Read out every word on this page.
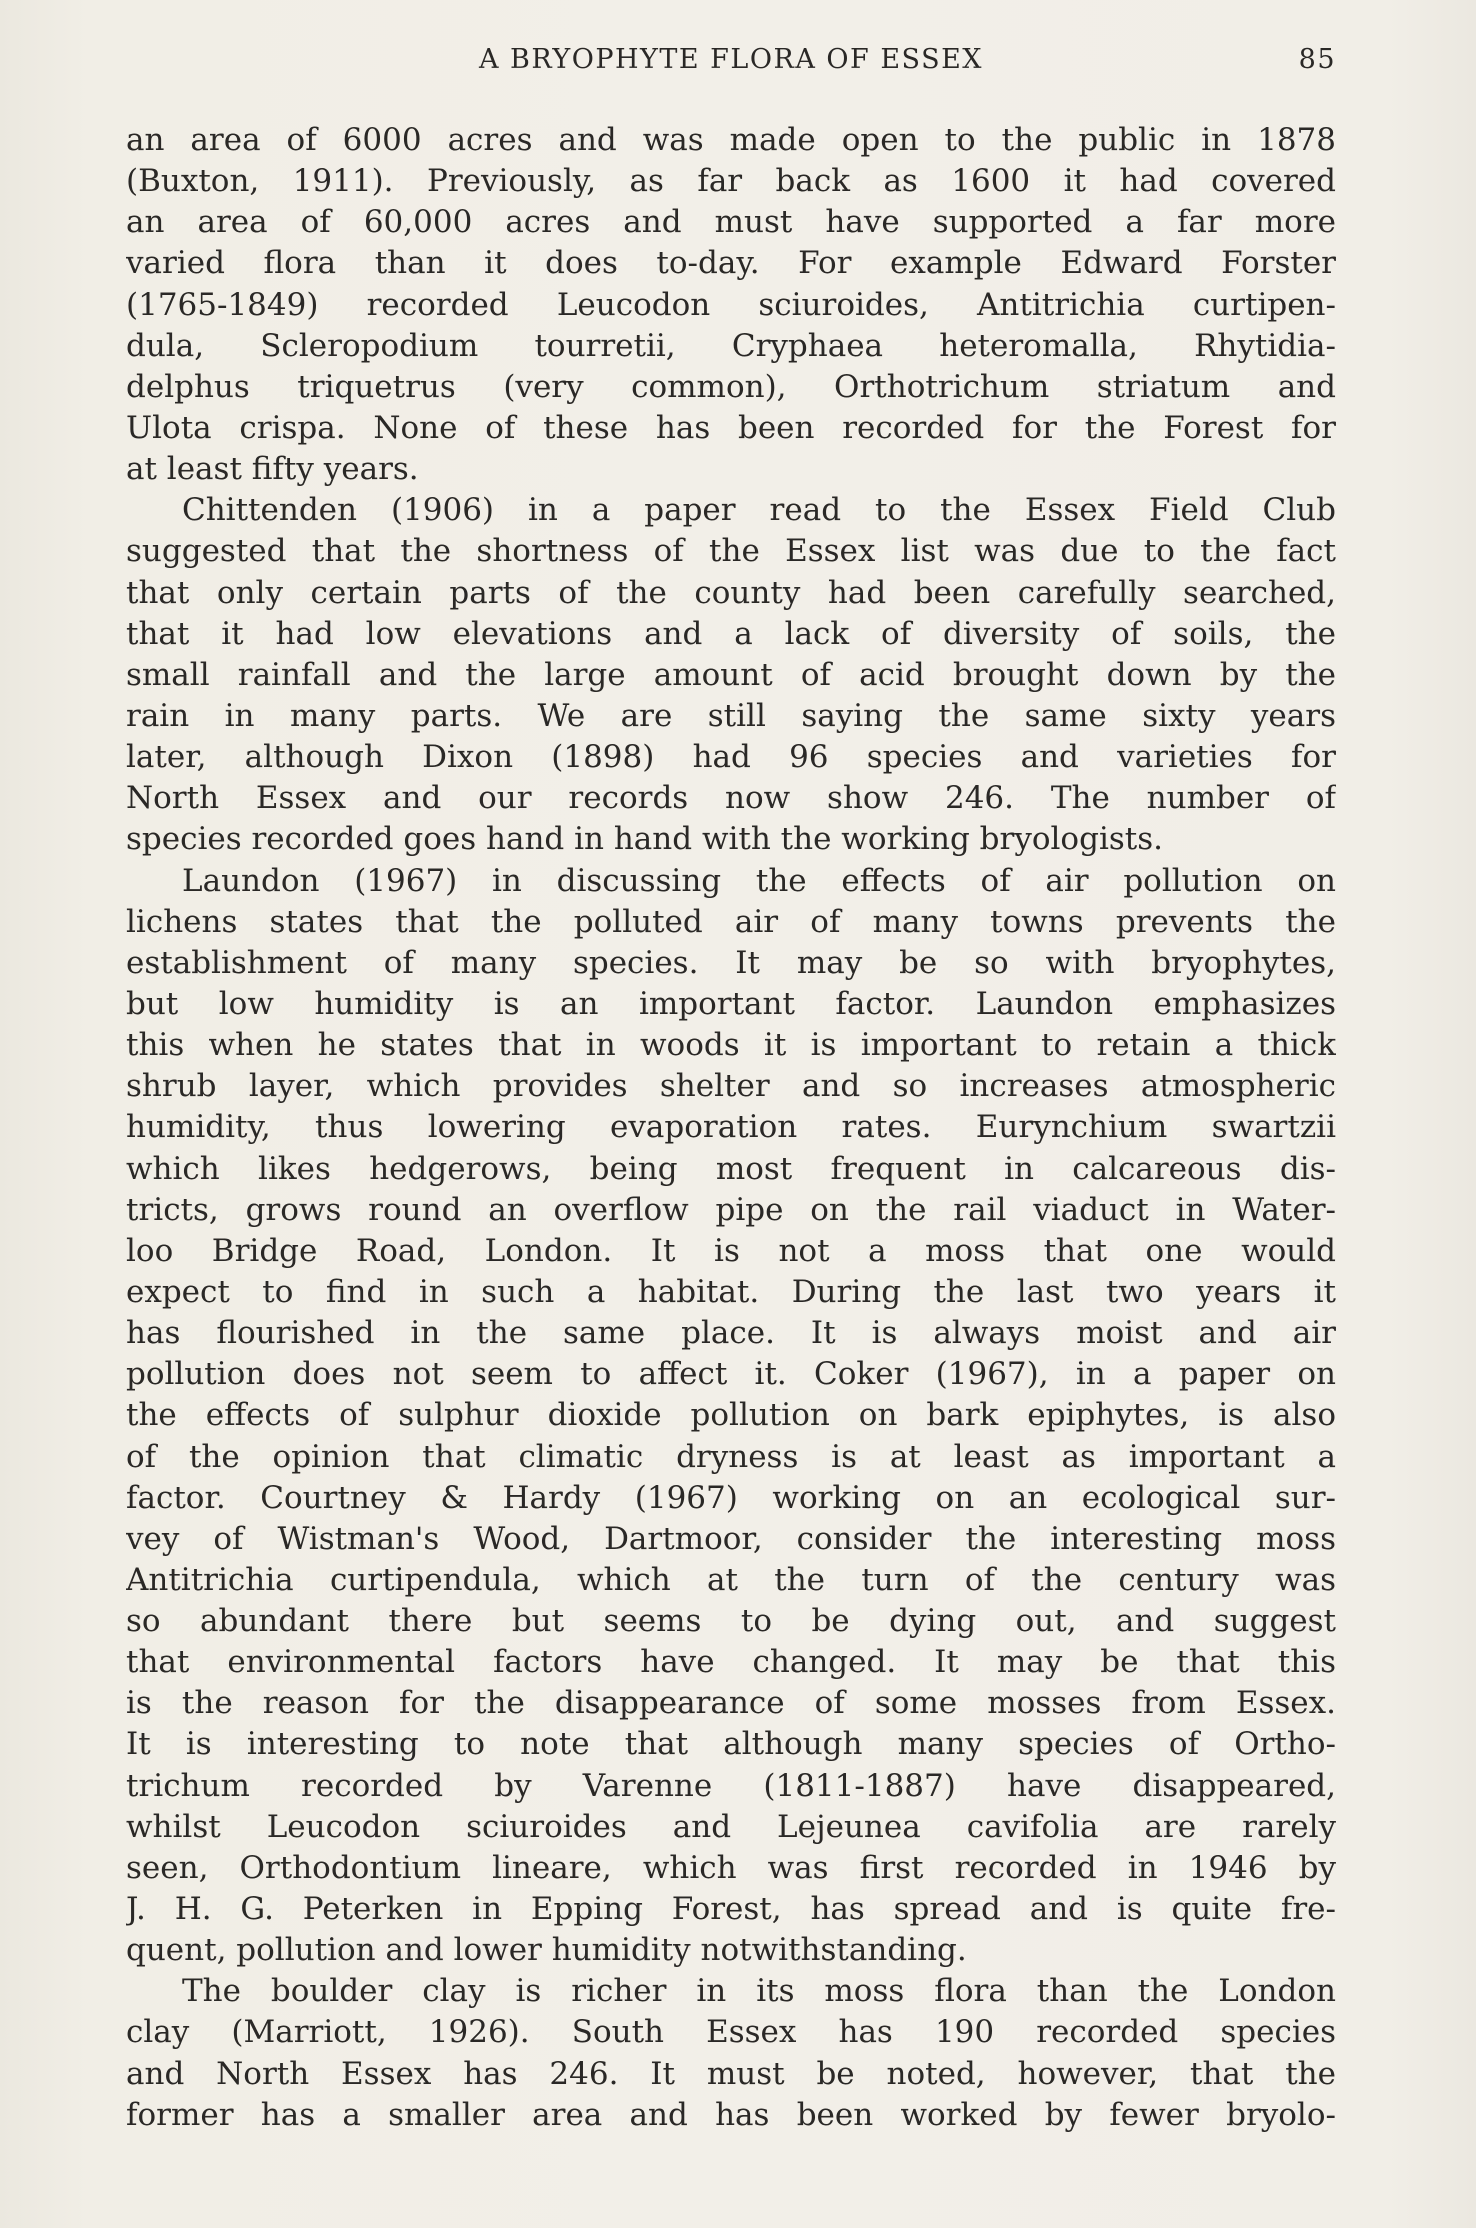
A BRYOPHYTE FLORA OF ESSEX	85
an area of 6000 acres and was made open to the public in 1878
(Buxton, 1911). Previously, as far back as 1600 it had covered
an area of 60,000 acres and must have supported a far more
varied flora than it does to-day. For example Edward Forster
(1765-1849) recorded Leucodon sciuroides, Antitrichia curtipen-
dula, Scleropodium tourretii, Cryphaea heteromalla, Rhytidia-
delphus triquetrus (very common), Orthotrichum striatum and
Ulota crispa. None of these has been recorded for the Forest for
at least fifty years.
Chittenden (1906) in a paper read to the Essex Field Club
suggested that the shortness of the Essex list was due to the fact
that only certain parts of the county had been carefully searched,
that it had low elevations and a lack of diversity of soils, the
small rainfall and the large amount of acid brought down by the
rain in many parts. We are still saying the same sixty years
later, although Dixon (1898) had 96 species and varieties for
North Essex and our records now show 246. The number of
species recorded goes hand in hand with the working bryologists.
Laundon (1967) in discussing the effects of air pollution on
lichens states that the polluted air of many towns prevents the
establishment of many species. It may be so with bryophytes,
but low humidity is an important factor. Laundon emphasizes
this when he states that in woods it is important to retain a thick
shrub layer, which provides shelter and so increases atmospheric
humidity, thus lowering evaporation rates. Eurynchium swartzii
which likes hedgerows, being most frequent in calcareous dis-
tricts, grows round an overflow pipe on the rail viaduct in Water-
loo Bridge Road, London. It is not a moss that one would
expect to find in such a habitat. During the last two years it
has flourished in the same place. It is always moist and air
pollution does not seem to affect it. Coker (1967), in a paper on
the effects of sulphur dioxide pollution on bark epiphytes, is also
of the opinion that climatic dryness is at least as important a
factor. Courtney & Hardy (1967) working on an ecological sur-
vey of Wistman's Wood, Dartmoor, consider the interesting moss
Antitrichia curtipendula, which at the turn of the century was
so abundant there but seems to be dying out, and suggest
that environmental factors have changed. It may be that this
is the reason for the disappearance of some mosses from Essex.
It is interesting to note that although many species of Ortho-
trichum recorded by Varenne (1811-1887) have disappeared,
whilst Leucodon sciuroides and Lejeunea cavifolia are rarely
seen, Orthodontium lineare, which was first recorded in 1946 by
J. H. G. Peterken in Epping Forest, has spread and is quite fre-
quent, pollution and lower humidity notwithstanding.
The boulder clay is richer in its moss flora than the London
clay (Marriott, 1926). South Essex has 190 recorded species
and North Essex has 246. It must be noted, however, that the
former has a smaller area and has been worked by fewer bryolo-
